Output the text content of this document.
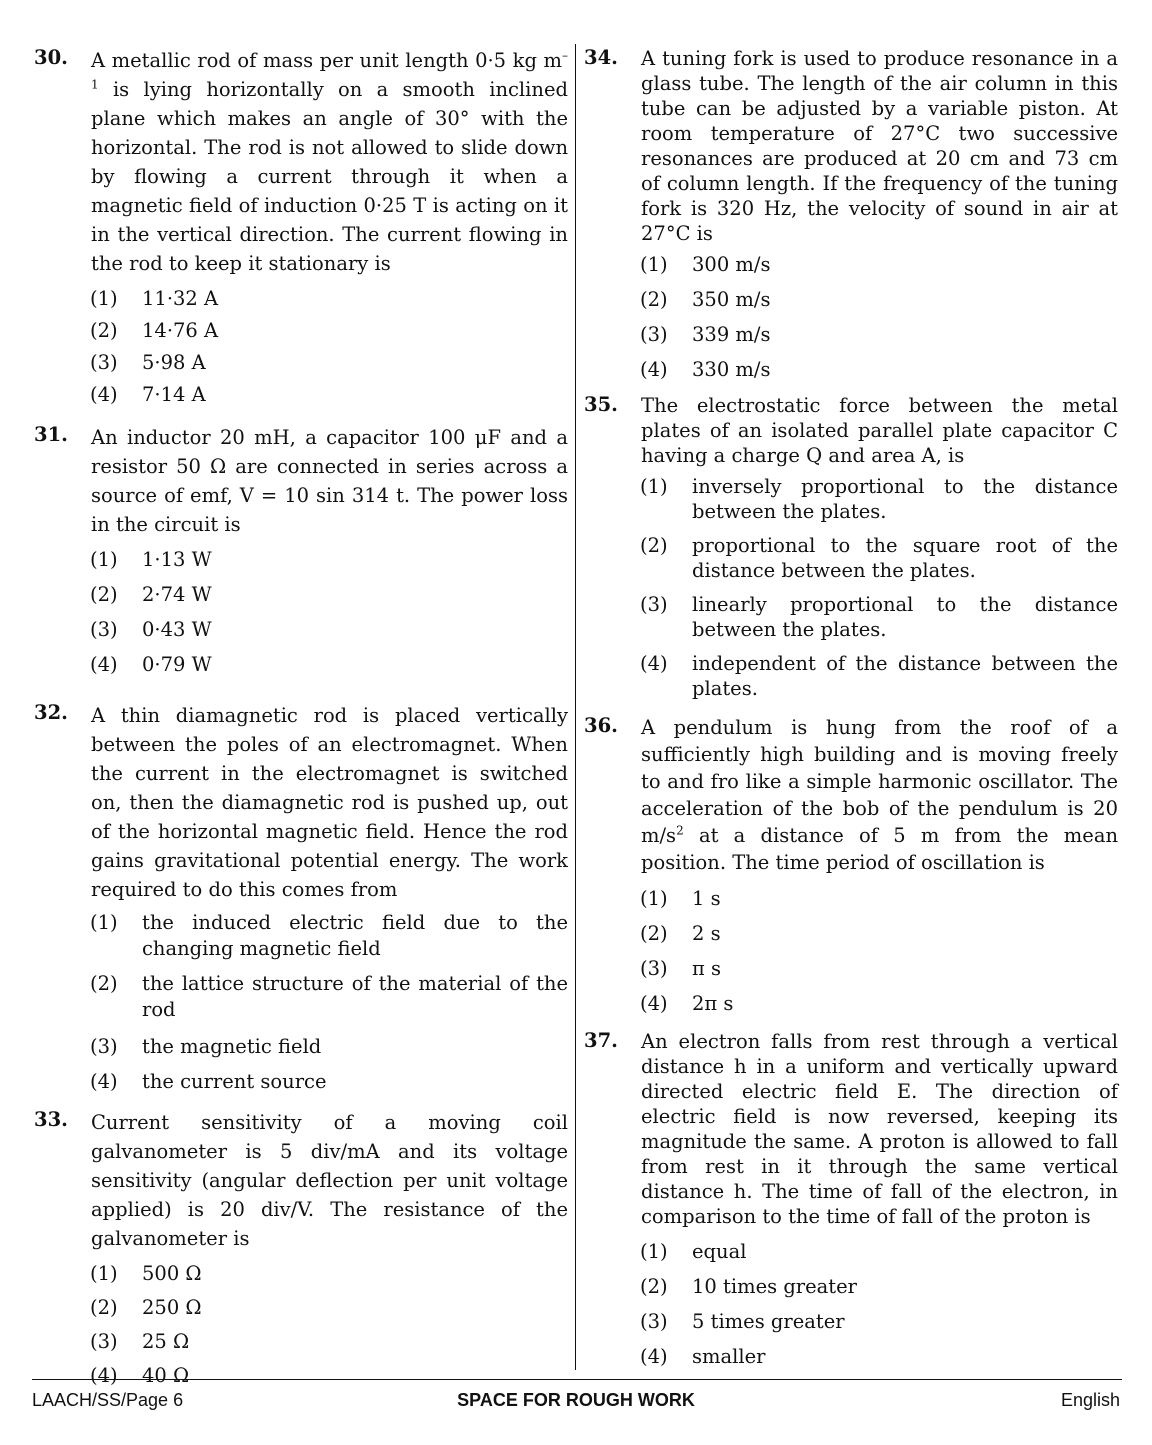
30. A metallic rod of mass per unit length 0·5 kg $m^{-1}$ is lying horizontally on a smooth inclined plane which makes an angle of 30° with the horizontal. The rod is not allowed to slide down by flowing a current through it when a magnetic field of induction 0·25 T is acting on it in the vertical direction. The current flowing in the rod to keep it stationary is
(1)	11·32 A
(2)	14·76 A
(3)	5·98 A
(4)	7·14 A
31. An inductor 20 mH, a capacitor 100 μF and a resistor 50 Ω are connected in series across a source of emf, V = 10 sin 314 t. The power loss in the circuit is
(1)	1·13 W
(2)	2·74 W
(3)	0·43 W
(4)	0·79 W
32. A thin diamagnetic rod is placed vertically between the poles of an electromagnet. When the current in the electromagnet is switched on, then the diamagnetic rod is pushed up, out of the horizontal magnetic field. Hence the rod gains gravitational potential energy. The work required to do this comes from
(1)	the induced electric field due to the changing magnetic field
(2)	the lattice structure of the material of the rod
(3)	the magnetic field
(4)	the current source
33. Current sensitivity of a moving coil galvanometer is 5 div/mA and its voltage sensitivity (angular deflection per unit voltage applied) is 20 div/V. The resistance of the galvanometer is
(1)	500 Ω
(2)	250 Ω
(3)	25 Ω
(4)	40 Ω
34. A tuning fork is used to produce resonance in a glass tube. The length of the air column in this tube can be adjusted by a variable piston. At room temperature of 27°C two successive resonances are produced at 20 cm and 73 cm of column length. If the frequency of the tuning fork is 320 Hz, the velocity of sound in air at 27°C is
(1)	300 m/s
(2)	350 m/s
(3)	339 m/s
(4)	330 m/s
35. The electrostatic force between the metal plates of an isolated parallel plate capacitor C having a charge Q and area A, is
(1)	inversely proportional to the distance between the plates.
(2)	proportional to the square root of the distance between the plates.
(3)	linearly proportional to the distance between the plates.
(4)	independent of the distance between the plates.
36. A pendulum is hung from the roof of a sufficiently high building and is moving freely to and fro like a simple harmonic oscillator. The acceleration of the bob of the pendulum is 20 $m/s^2$ at a distance of 5 m from the mean position. The time period of oscillation is
(1)	1 s
(2)	2 s
(3)	π s
(4)	2π s
37. An electron falls from rest through a vertical distance h in a uniform and vertically upward directed electric field E. The direction of electric field is now reversed, keeping its magnitude the same. A proton is allowed to fall from rest in it through the same vertical distance h. The time of fall of the electron, in comparison to the time of fall of the proton is
(1)	equal
(2)	10 times greater
(3)	5 times greater
(4)	smaller
LAACH/SS/Page 6	SPACE FOR ROUGH WORK	English
